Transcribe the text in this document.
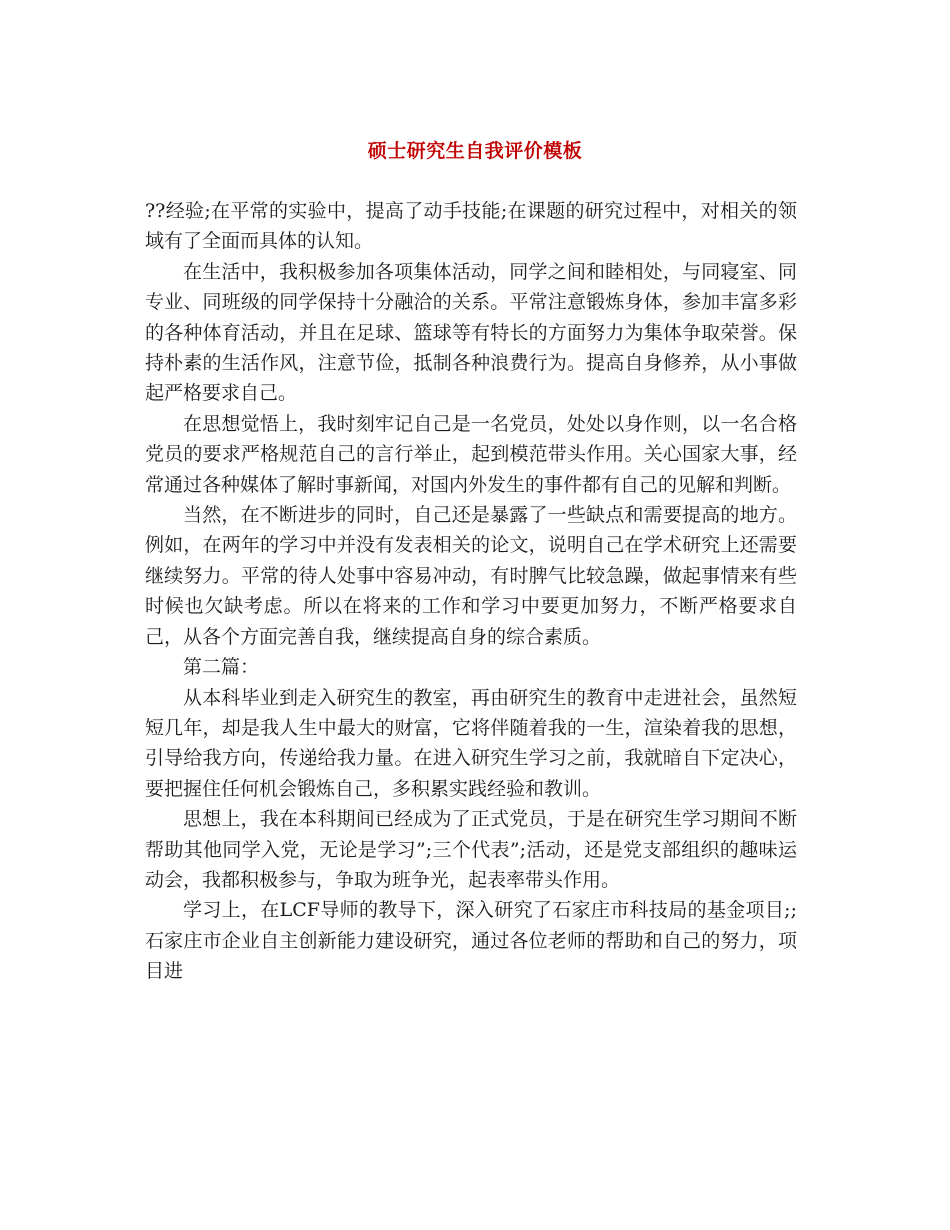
硕士研究生自我评价模板

??经验;在平常的实验中，提高了动手技能;在课题的研究过程中，对相关的领域有了全面而具体的认知。

在生活中，我积极参加各项集体活动，同学之间和睦相处，与同寝室、同专业、同班级的同学保持十分融洽的关系。平常注意锻炼身体，参加丰富多彩的各种体育活动，并且在足球、篮球等有特长的方面努力为集体争取荣誉。保持朴素的生活作风，注意节俭，抵制各种浪费行为。提高自身修养，从小事做起严格要求自己。

在思想觉悟上，我时刻牢记自己是一名党员，处处以身作则，以一名合格党员的要求严格规范自己的言行举止，起到模范带头作用。关心国家大事，经常通过各种媒体了解时事新闻，对国内外发生的事件都有自己的见解和判断。

当然，在不断进步的同时，自己还是暴露了一些缺点和需要提高的地方。例如，在两年的学习中并没有发表相关的论文，说明自己在学术研究上还需要继续努力。平常的待人处事中容易冲动，有时脾气比较急躁，做起事情来有些时候也欠缺考虑。所以在将来的工作和学习中要更加努力，不断严格要求自己，从各个方面完善自我，继续提高自身的综合素质。

第二篇：

从本科毕业到走入研究生的教室，再由研究生的教育中走进社会，虽然短短几年，却是我人生中最大的财富，它将伴随着我的一生，渲染着我的思想，引导给我方向，传递给我力量。在进入研究生学习之前，我就暗自下定决心，要把握住任何机会锻炼自己，多积累实践经验和教训。

思想上，我在本科期间已经成为了正式党员，于是在研究生学习期间不断帮助其他同学入党，无论是学习”;三个代表”;活动，还是党支部组织的趣味运动会，我都积极参与，争取为班争光，起表率带头作用。

学习上，在LCF导师的教导下，深入研究了石家庄市科技局的基金项目;;石家庄市企业自主创新能力建设研究，通过各位老师的帮助和自己的努力，项目进
